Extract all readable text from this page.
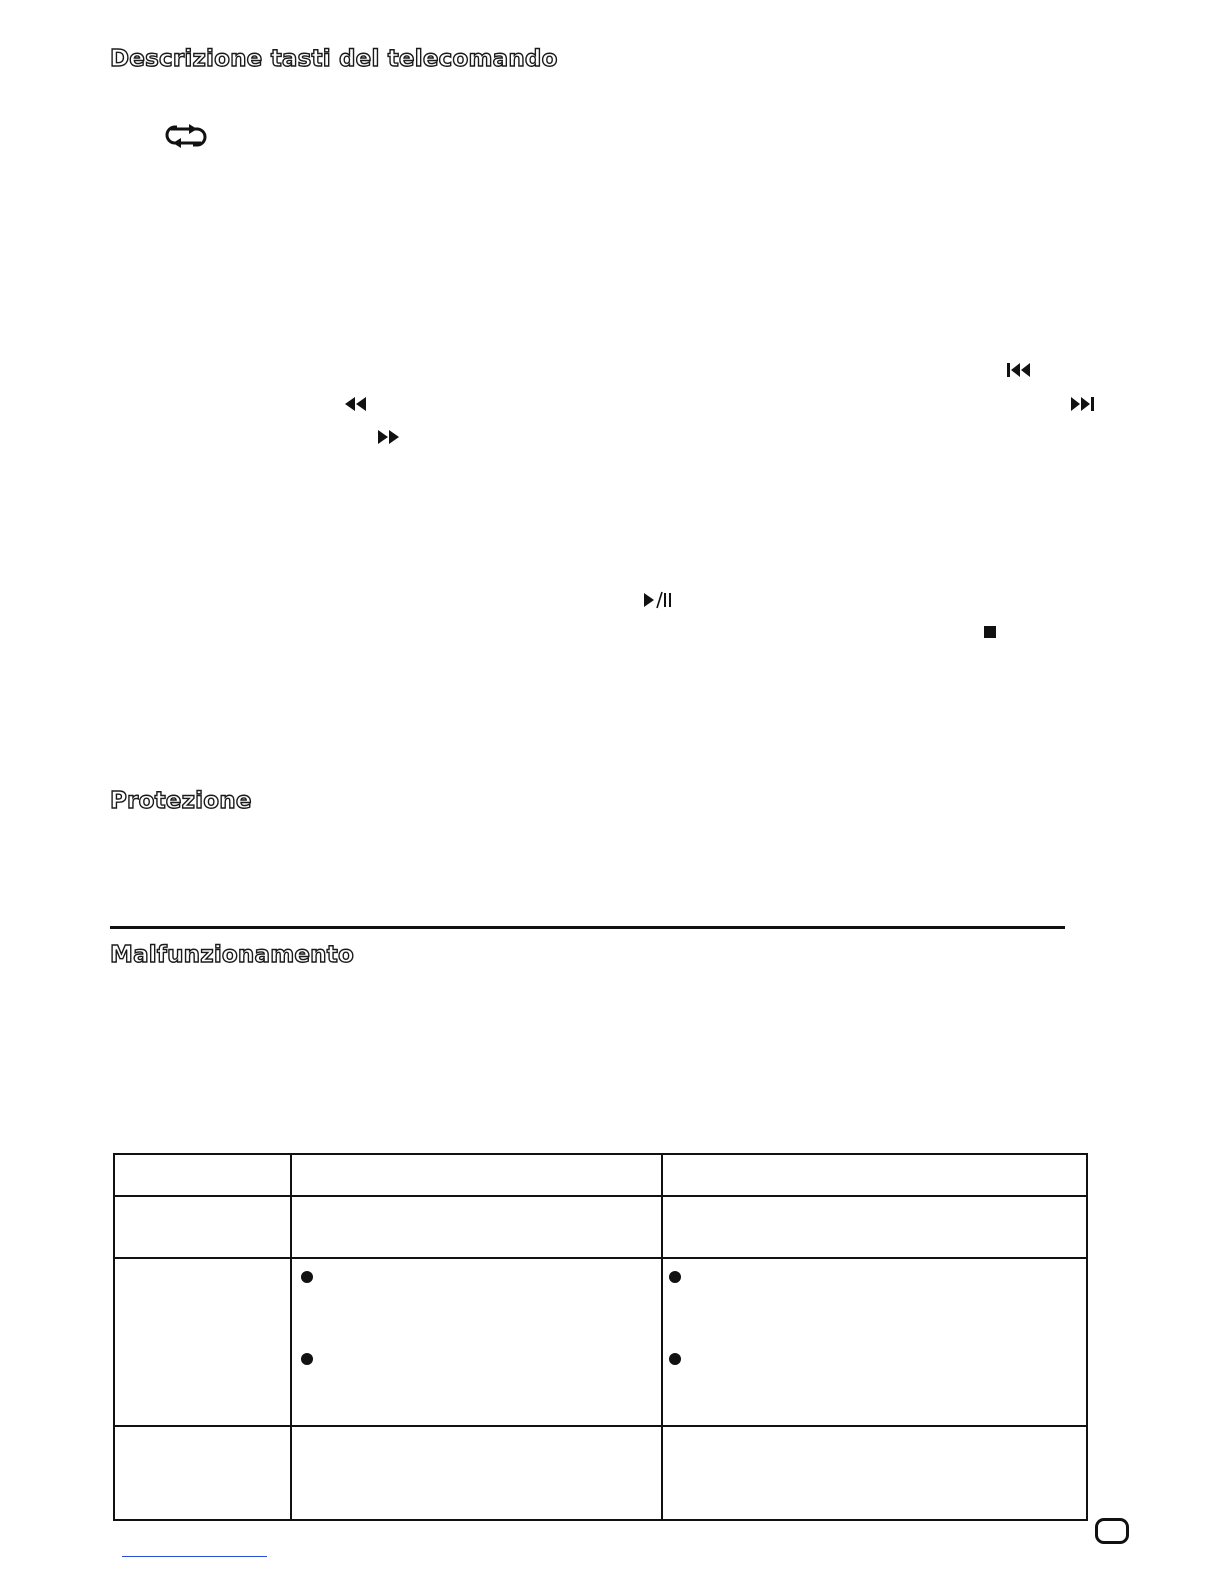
Descrizione tasti del telecomando
Protezione
Malfunzionamento
